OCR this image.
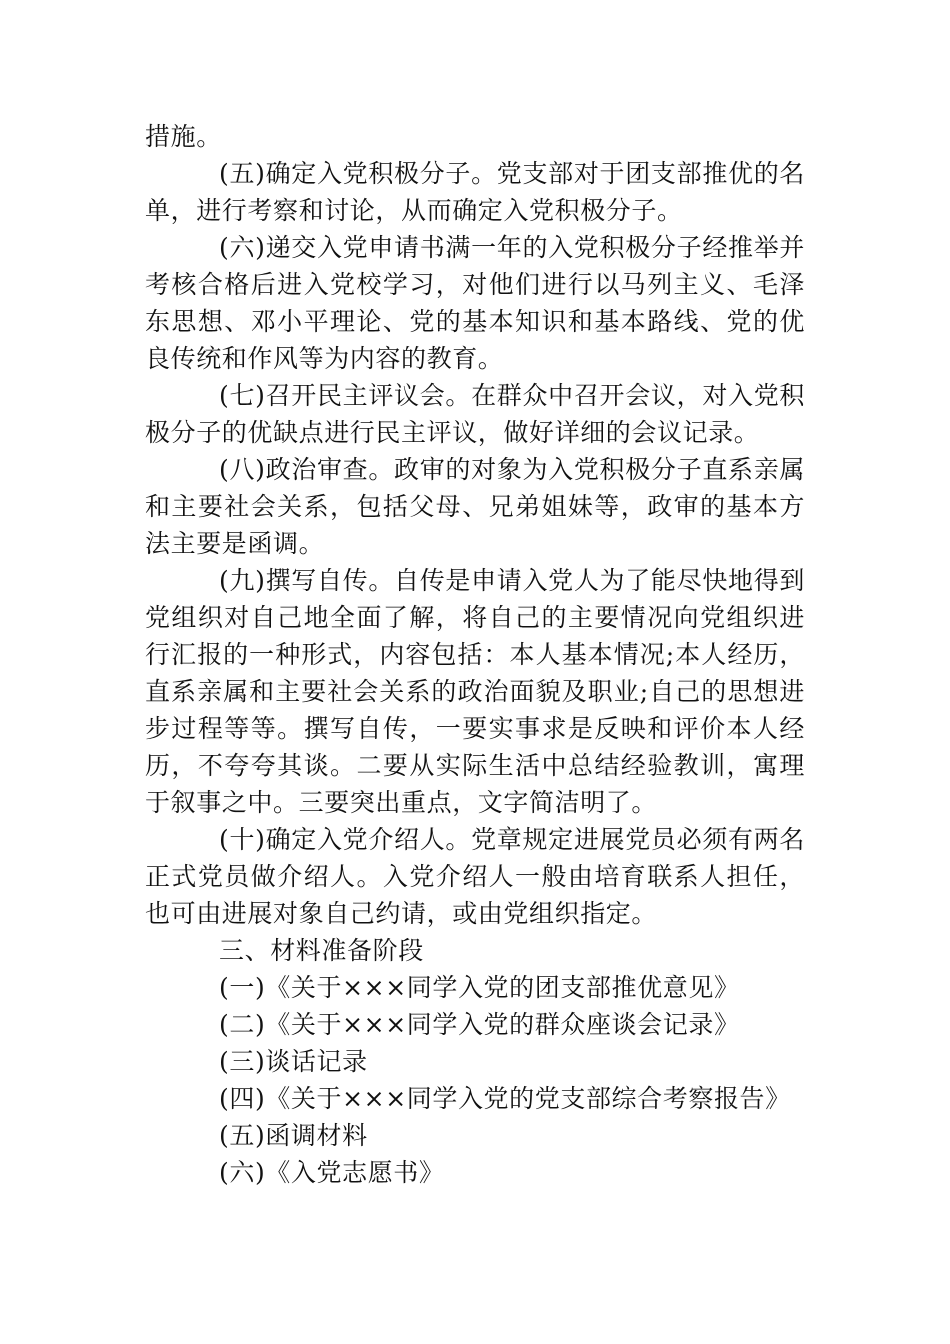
措施。

(五)确定入党积极分子。党支部对于团支部推优的名单，进行考察和讨论，从而确定入党积极分子。

(六)递交入党申请书满一年的入党积极分子经推举并考核合格后进入党校学习，对他们进行以马列主义、毛泽东思想、邓小平理论、党的基本知识和基本路线、党的优良传统和作风等为内容的教育。

(七)召开民主评议会。在群众中召开会议，对入党积极分子的优缺点进行民主评议，做好详细的会议记录。

(八)政治审查。政审的对象为入党积极分子直系亲属和主要社会关系，包括父母、兄弟姐妹等，政审的基本方法主要是函调。

(九)撰写自传。自传是申请入党人为了能尽快地得到党组织对自己地全面了解，将自己的主要情况向党组织进行汇报的一种形式，内容包括：本人基本情况;本人经历，直系亲属和主要社会关系的政治面貌及职业;自己的思想进步过程等等。撰写自传，一要实事求是反映和评价本人经历，不夸夸其谈。二要从实际生活中总结经验教训，寓理于叙事之中。三要突出重点，文字简洁明了。

(十)确定入党介绍人。党章规定进展党员必须有两名正式党员做介绍人。入党介绍人一般由培育联系人担任，也可由进展对象自己约请，或由党组织指定。

三、材料准备阶段

(一)《关于×××同学入党的团支部推优意见》

(二)《关于×××同学入党的群众座谈会记录》

(三)谈话记录

(四)《关于×××同学入党的党支部综合考察报告》

(五)函调材料

(六)《入党志愿书》
